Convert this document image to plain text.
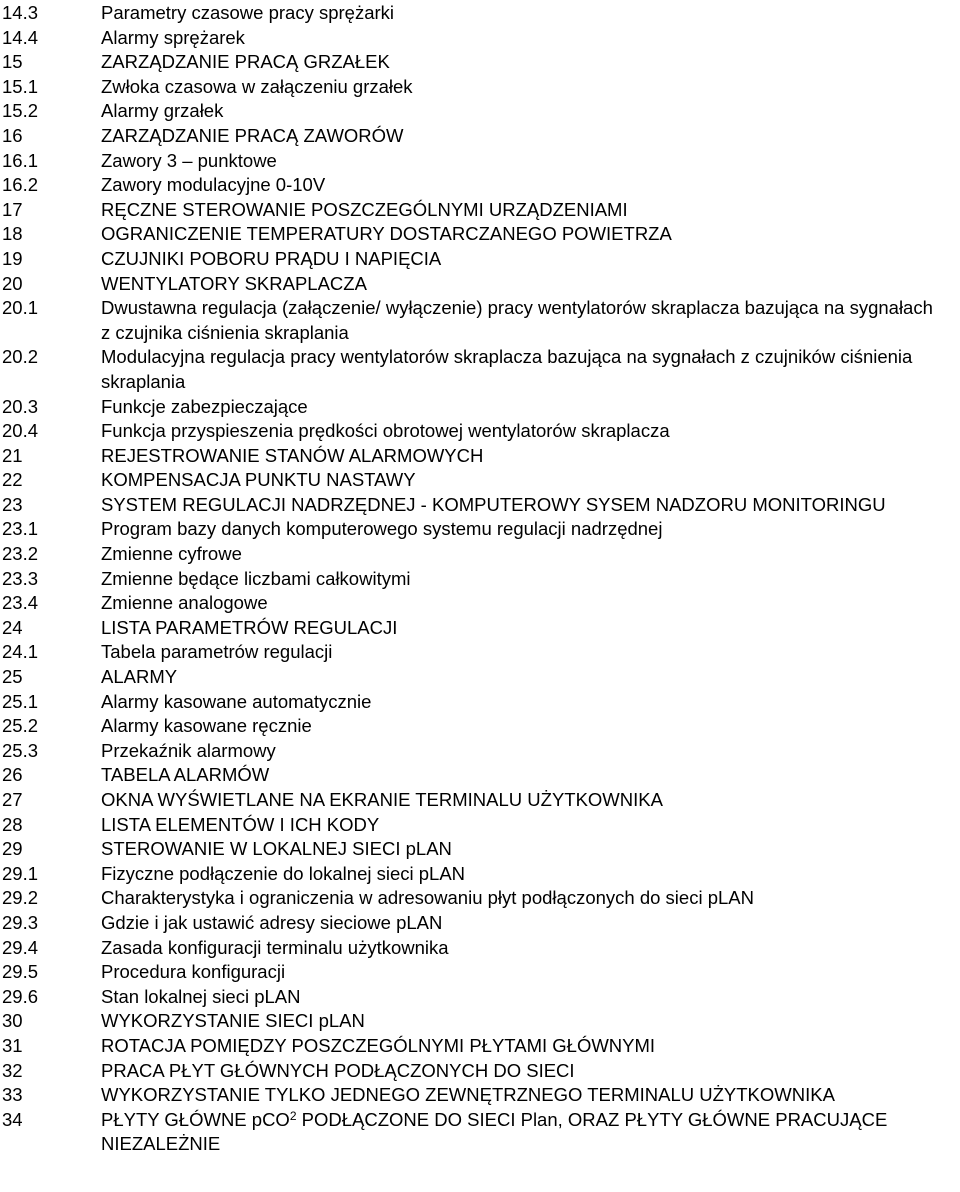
14.3	Parametry czasowe pracy sprężarki
14.4	Alarmy sprężarek
15	ZARZĄDZANIE PRACĄ GRZAŁEK
15.1	Zwłoka czasowa w załączeniu grzałek
15.2	Alarmy grzałek
16	ZARZĄDZANIE PRACĄ ZAWORÓW
16.1	Zawory 3 – punktowe
16.2	Zawory modulacyjne 0-10V
17	RĘCZNE STEROWANIE POSZCZEGÓLNYMI URZĄDZENIAMI
18	OGRANICZENIE TEMPERATURY DOSTARCZANEGO POWIETRZA
19	CZUJNIKI POBORU PRĄDU I NAPIĘCIA
20	WENTYLATORY SKRAPLACZA
20.1	Dwustawna regulacja (załączenie/ wyłączenie) pracy wentylatorów skraplacza bazująca na sygnałach z czujnika ciśnienia skraplania
20.2	Modulacyjna regulacja pracy wentylatorów skraplacza bazująca na sygnałach z czujników ciśnienia skraplania
20.3	Funkcje zabezpieczające
20.4	Funkcja przyspieszenia prędkości obrotowej wentylatorów skraplacza
21	REJESTROWANIE STANÓW ALARMOWYCH
22	KOMPENSACJA PUNKTU NASTAWY
23	SYSTEM REGULACJI NADRZĘDNEJ - KOMPUTEROWY SYSEM NADZORU MONITORINGU
23.1	Program bazy danych komputerowego systemu regulacji nadrzędnej
23.2	Zmienne cyfrowe
23.3	Zmienne będące liczbami całkowitymi
23.4	Zmienne analogowe
24	LISTA PARAMETRÓW REGULACJI
24.1	Tabela parametrów regulacji
25	ALARMY
25.1	Alarmy kasowane automatycznie
25.2	Alarmy kasowane ręcznie
25.3	Przekaźnik alarmowy
26	TABELA ALARMÓW
27	OKNA WYŚWIETLANE NA EKRANIE TERMINALU UŻYTKOWNIKA
28	LISTA ELEMENTÓW I ICH KODY
29	STEROWANIE W LOKALNEJ SIECI pLAN
29.1	Fizyczne podłączenie do lokalnej sieci pLAN
29.2	Charakterystyka i ograniczenia w adresowaniu płyt podłączonych do sieci pLAN
29.3	Gdzie i jak ustawić adresy sieciowe pLAN
29.4	Zasada konfiguracji terminalu użytkownika
29.5	Procedura konfiguracji
29.6	Stan lokalnej sieci pLAN
30	WYKORZYSTANIE SIECI pLAN
31	ROTACJA POMIĘDZY POSZCZEGÓLNYMI PŁYTAMI GŁÓWNYMI
32	PRACA PŁYT GŁÓWNYCH PODŁĄCZONYCH DO SIECI
33	WYKORZYSTANIE TYLKO JEDNEGO ZEWNĘTRZNEGO TERMINALU UŻYTKOWNIKA
34	PŁYTY GŁÓWNE pCO$^2$ PODŁĄCZONE DO SIECI Plan, ORAZ PŁYTY GŁÓWNE PRACUJĄCE NIEZALEŻNIE
